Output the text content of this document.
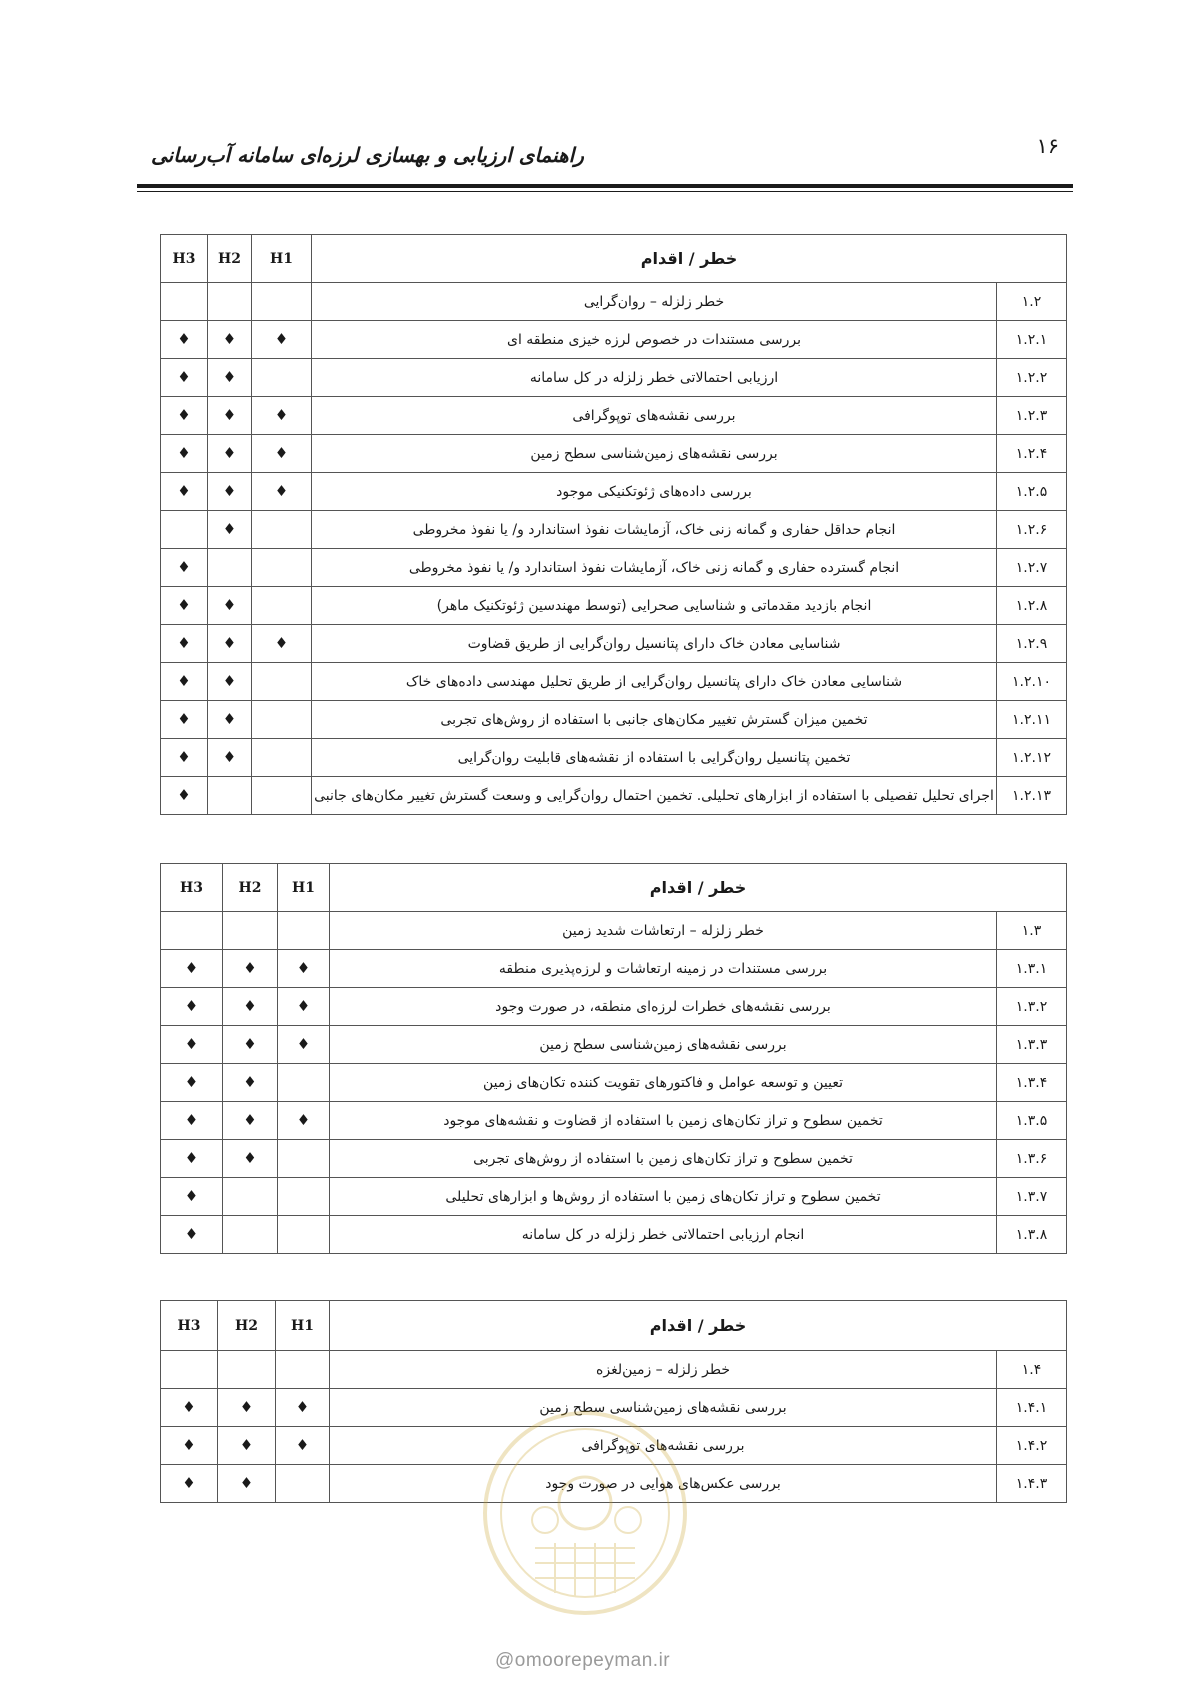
۱۶
راهنمای ارزیابی و بهسازی لرزه‌ای سامانه آب‌رسانی
H3	H2	H1	خطر / اقدام	
			خطر زلزله – روان‌گرایی	۱.۲
♦	♦	♦	بررسی مستندات در خصوص لرزه خیزی منطقه ای	۱.۲.۱
♦	♦		ارزیابی احتمالاتی خطر زلزله در کل سامانه	۱.۲.۲
♦	♦	♦	بررسی نقشه‌های توپوگرافی	۱.۲.۳
♦	♦	♦	بررسی نقشه‌های زمین‌شناسی سطح زمین	۱.۲.۴
♦	♦	♦	بررسی داده‌های ژئوتکنیکی موجود	۱.۲.۵
	♦		انجام حداقل حفاری و گمانه زنی خاک، آزمایشات نفوذ استاندارد و/ یا نفوذ مخروطی	۱.۲.۶
♦			انجام گسترده حفاری و گمانه زنی خاک، آزمایشات نفوذ استاندارد و/ یا نفوذ مخروطی	۱.۲.۷
♦	♦		انجام بازدید مقدماتی و شناسایی صحرایی (توسط مهندسین ژئوتکنیک ماهر)	۱.۲.۸
♦	♦	♦	شناسایی معادن خاک دارای پتانسیل روان‌گرایی از طریق قضاوت	۱.۲.۹
♦	♦		شناسایی معادن خاک دارای پتانسیل روان‌گرایی از طریق تحلیل مهندسی داده‌های خاک	۱.۲.۱۰
♦	♦		تخمین میزان گسترش تغییر مکان‌های جانبی با استفاده از روش‌های تجربی	۱.۲.۱۱
♦	♦		تخمین پتانسیل روان‌گرایی با استفاده از نقشه‌های قابلیت روان‌گرایی	۱.۲.۱۲
♦			اجرای تحلیل تفصیلی با استفاده از ابزارهای تحلیلی. تخمین احتمال روان‌گرایی و وسعت گسترش تغییر مکان‌های جانبی	۱.۲.۱۳
H3	H2	H1	خطر / اقدام	
			خطر زلزله – ارتعاشات شدید زمین	۱.۳
♦	♦	♦	بررسی مستندات در زمینه ارتعاشات و لرزه‌پذیری منطقه	۱.۳.۱
♦	♦	♦	بررسی نقشه‌های خطرات لرزه‌ای منطقه، در صورت وجود	۱.۳.۲
♦	♦	♦	بررسی نقشه‌های زمین‌شناسی سطح زمین	۱.۳.۳
♦	♦		تعیین و توسعه عوامل و فاکتورهای تقویت کننده تکان‌های زمین	۱.۳.۴
♦	♦	♦	تخمین سطوح و تراز تکان‌های زمین با استفاده از قضاوت و نقشه‌های موجود	۱.۳.۵
♦	♦		تخمین سطوح و تراز تکان‌های زمین با استفاده از روش‌های تجربی	۱.۳.۶
♦			تخمین سطوح و تراز تکان‌های زمین با استفاده از روش‌ها و ابزارهای تحلیلی	۱.۳.۷
♦			انجام ارزیابی احتمالاتی خطر زلزله در کل سامانه	۱.۳.۸
H3	H2	H1	خطر / اقدام	
			خطر زلزله – زمین‌لغزه	۱.۴
♦	♦	♦	بررسی نقشه‌های زمین‌شناسی سطح زمین	۱.۴.۱
♦	♦	♦	بررسی نقشه‌های توپوگرافی	۱.۴.۲
♦	♦		بررسی عکس‌های هوایی در صورت وجود	۱.۴.۳
@omoorepeyman.ir
